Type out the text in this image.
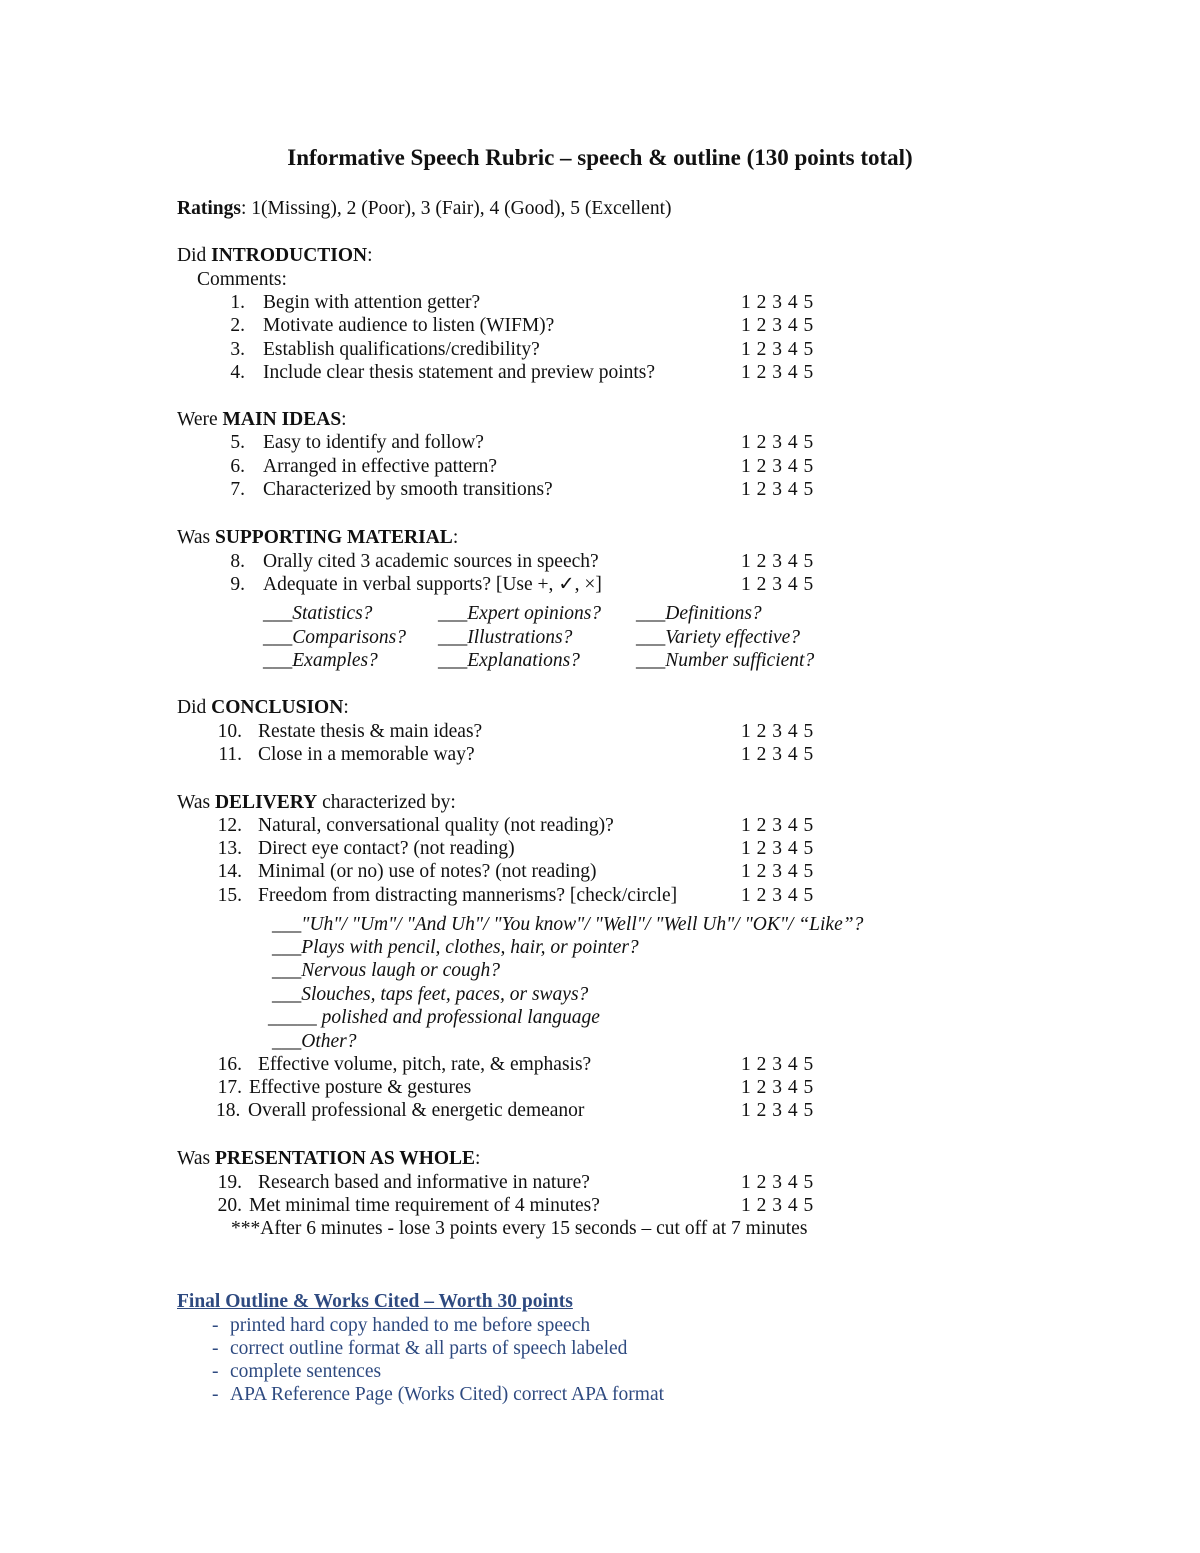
Informative Speech Rubric – speech & outline (130 points total)
Ratings: 1(Missing), 2 (Poor), 3 (Fair), 4 (Good), 5 (Excellent)
Did INTRODUCTION:
Comments:
1. Begin with attention getter?	1 2 3 4 5
2. Motivate audience to listen (WIFM)?	1 2 3 4 5
3. Establish qualifications/credibility?	1 2 3 4 5
4. Include clear thesis statement and preview points?	1 2 3 4 5
Were MAIN IDEAS:
5. Easy to identify and follow?	1 2 3 4 5
6. Arranged in effective pattern?	1 2 3 4 5
7. Characterized by smooth transitions?	1 2 3 4 5
Was SUPPORTING MATERIAL:
8. Orally cited 3 academic sources in speech?	1 2 3 4 5
9. Adequate in verbal supports? [Use +, ✓, ×]	1 2 3 4 5
___Statistics?	___Expert opinions? ___Definitions?
___Comparisons? ___Illustrations?	___Variety effective?
___Examples?	___Explanations?	___Number sufficient?
Did CONCLUSION:
10. Restate thesis & main ideas?	1 2 3 4 5
11. Close in a memorable way?	1 2 3 4 5
Was DELIVERY characterized by:
12. Natural, conversational quality (not reading)?	1 2 3 4 5
13. Direct eye contact? (not reading)	1 2 3 4 5
14. Minimal (or no) use of notes? (not reading)	1 2 3 4 5
15. Freedom from distracting mannerisms? [check/circle]	1 2 3 4 5
___"Uh"/ "Um"/ "And Uh"/ "You know"/ "Well"/ "Well Uh"/ "OK"/ “Like”?
___Plays with pencil, clothes, hair, or pointer?
___Nervous laugh or cough?
___Slouches, taps feet, paces, or sways?
_____ polished and professional language
___Other?
16. Effective volume, pitch, rate, & emphasis?	1 2 3 4 5
17. Effective posture & gestures	1 2 3 4 5
18. Overall professional & energetic demeanor	1 2 3 4 5
Was PRESENTATION AS WHOLE:
19. Research based and informative in nature?	1 2 3 4 5
20. Met minimal time requirement of 4 minutes?	1 2 3 4 5
***After 6 minutes - lose 3 points every 15 seconds – cut off at 7 minutes
Final Outline & Works Cited – Worth 30 points
- printed hard copy handed to me before speech
- correct outline format & all parts of speech labeled
- complete sentences
- APA Reference Page (Works Cited) correct APA format
